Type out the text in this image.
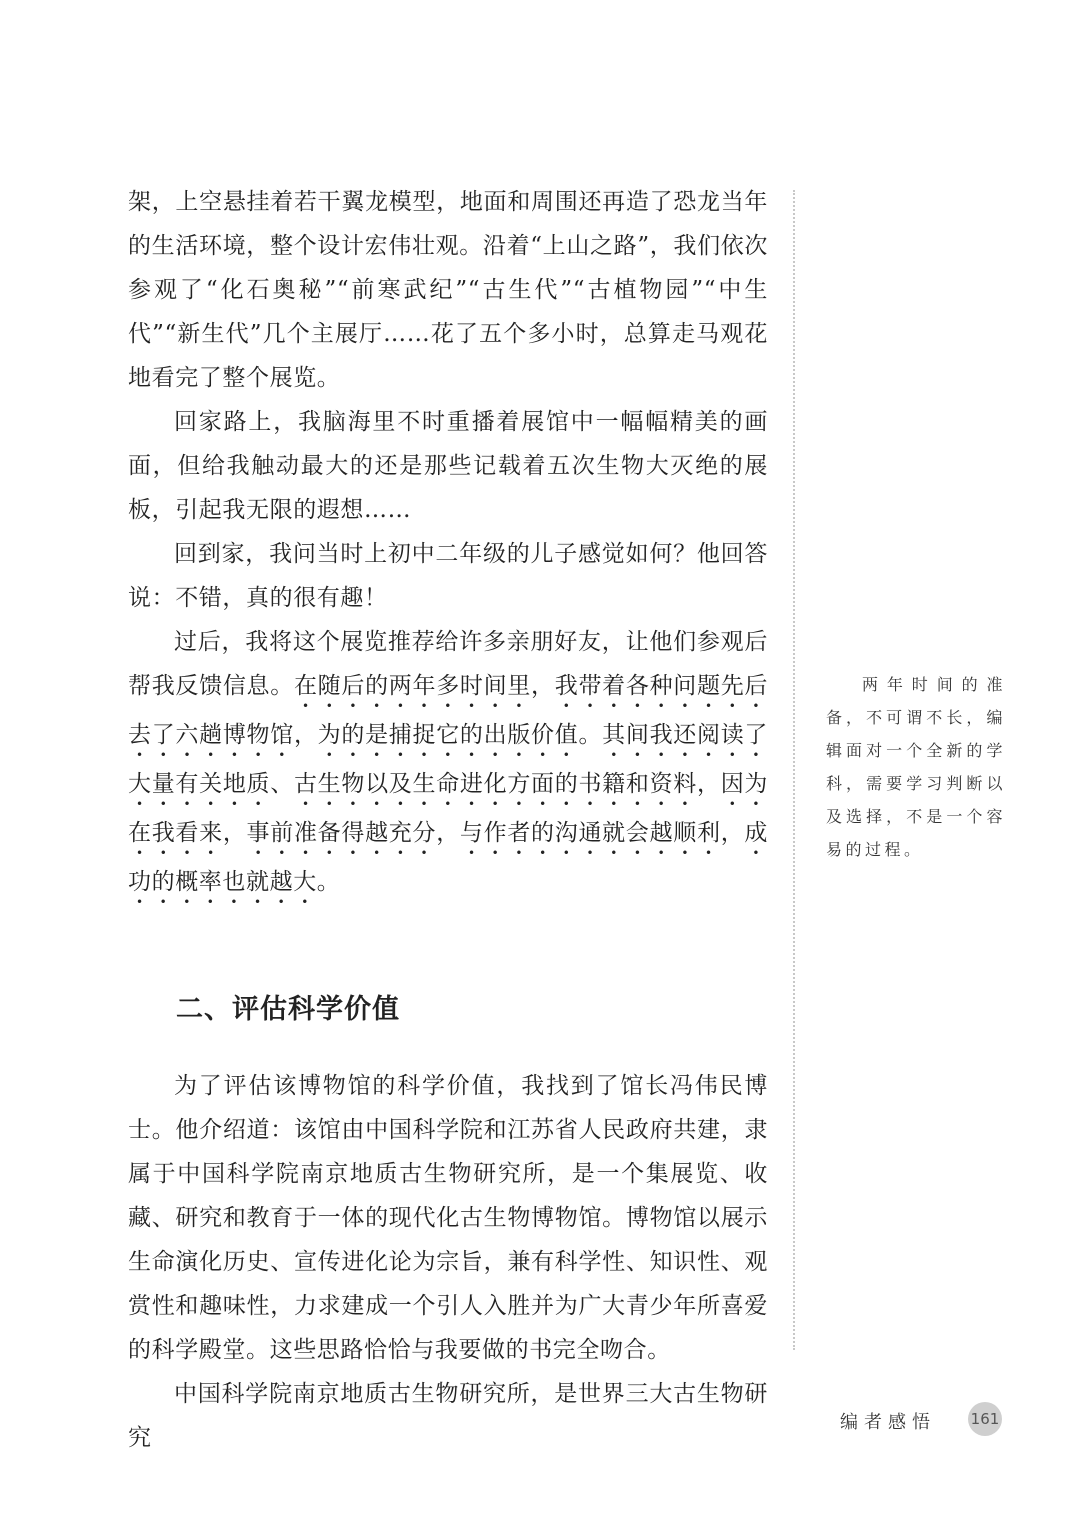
架，上空悬挂着若干翼龙模型，地面和周围还再造了恐龙当年的生活环境，整个设计宏伟壮观。沿着“上山之路”，我们依次参观了“化石奥秘”“前寒武纪”“古生代”“古植物园”“中生代”“新生代”几个主展厅……花了五个多小时，总算走马观花地看完了整个展览。

回家路上，我脑海里不时重播着展馆中一幅幅精美的画面，但给我触动最大的还是那些记载着五次生物大灭绝的展板，引起我无限的遐想……

回到家，我问当时上初中二年级的儿子感觉如何？他回答说：不错，真的很有趣！

过后，我将这个展览推荐给许多亲朋好友，让他们参观后帮我反馈信息。在随后的两年多时间里，我带着各种问题先后去了六趟博物馆，为的是捕捉它的出版价值。其间我还阅读了大量有关地质、古生物以及生命进化方面的书籍和资料，因为在我看来，事前准备得越充分，与作者的沟通就会越顺利，成功的概率也就越大。

二、评估科学价值

为了评估该博物馆的科学价值，我找到了馆长冯伟民博士。他介绍道：该馆由中国科学院和江苏省人民政府共建，隶属于中国科学院南京地质古生物研究所，是一个集展览、收藏、研究和教育于一体的现代化古生物博物馆。博物馆以展示生命演化历史、宣传进化论为宗旨，兼有科学性、知识性、观赏性和趣味性，力求建成一个引人入胜并为广大青少年所喜爱的科学殿堂。这些思路恰恰与我要做的书完全吻合。

中国科学院南京地质古生物研究所，是世界三大古生物研究

两年时间的准备，不可谓不长，编辑面对一个全新的学科，需要学习判断以及选择，不是一个容易的过程。

编者感悟 161
